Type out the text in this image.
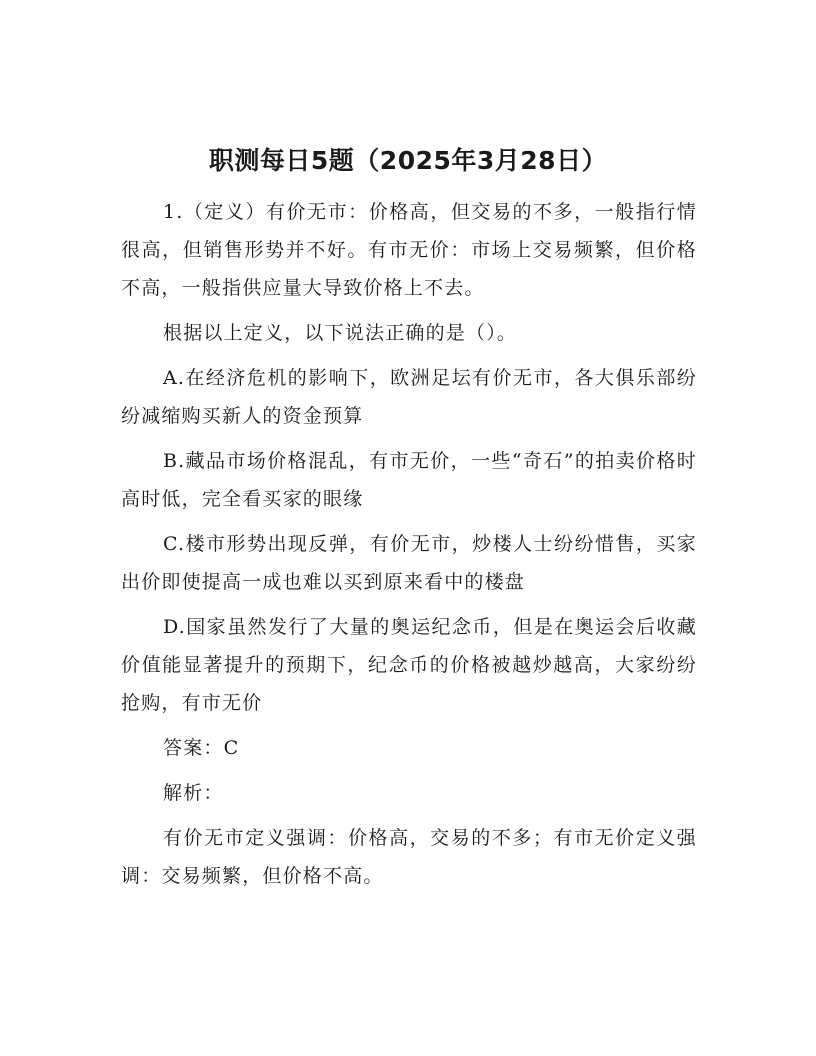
职测每日5题（2025年3月28日）

1.（定义）有价无市：价格高，但交易的不多，一般指行情很高，但销售形势并不好。有市无价：市场上交易频繁，但价格不高，一般指供应量大导致价格上不去。

根据以上定义，以下说法正确的是（）。

A.在经济危机的影响下，欧洲足坛有价无市，各大俱乐部纷纷减缩购买新人的资金预算

B.藏品市场价格混乱，有市无价，一些“奇石”的拍卖价格时高时低，完全看买家的眼缘

C.楼市形势出现反弹，有价无市，炒楼人士纷纷惜售，买家出价即使提高一成也难以买到原来看中的楼盘

D.国家虽然发行了大量的奥运纪念币，但是在奥运会后收藏价值能显著提升的预期下，纪念币的价格被越炒越高，大家纷纷抢购，有市无价

答案：C

解析：

有价无市定义强调：价格高，交易的不多；有市无价定义强调：交易频繁，但价格不高。
